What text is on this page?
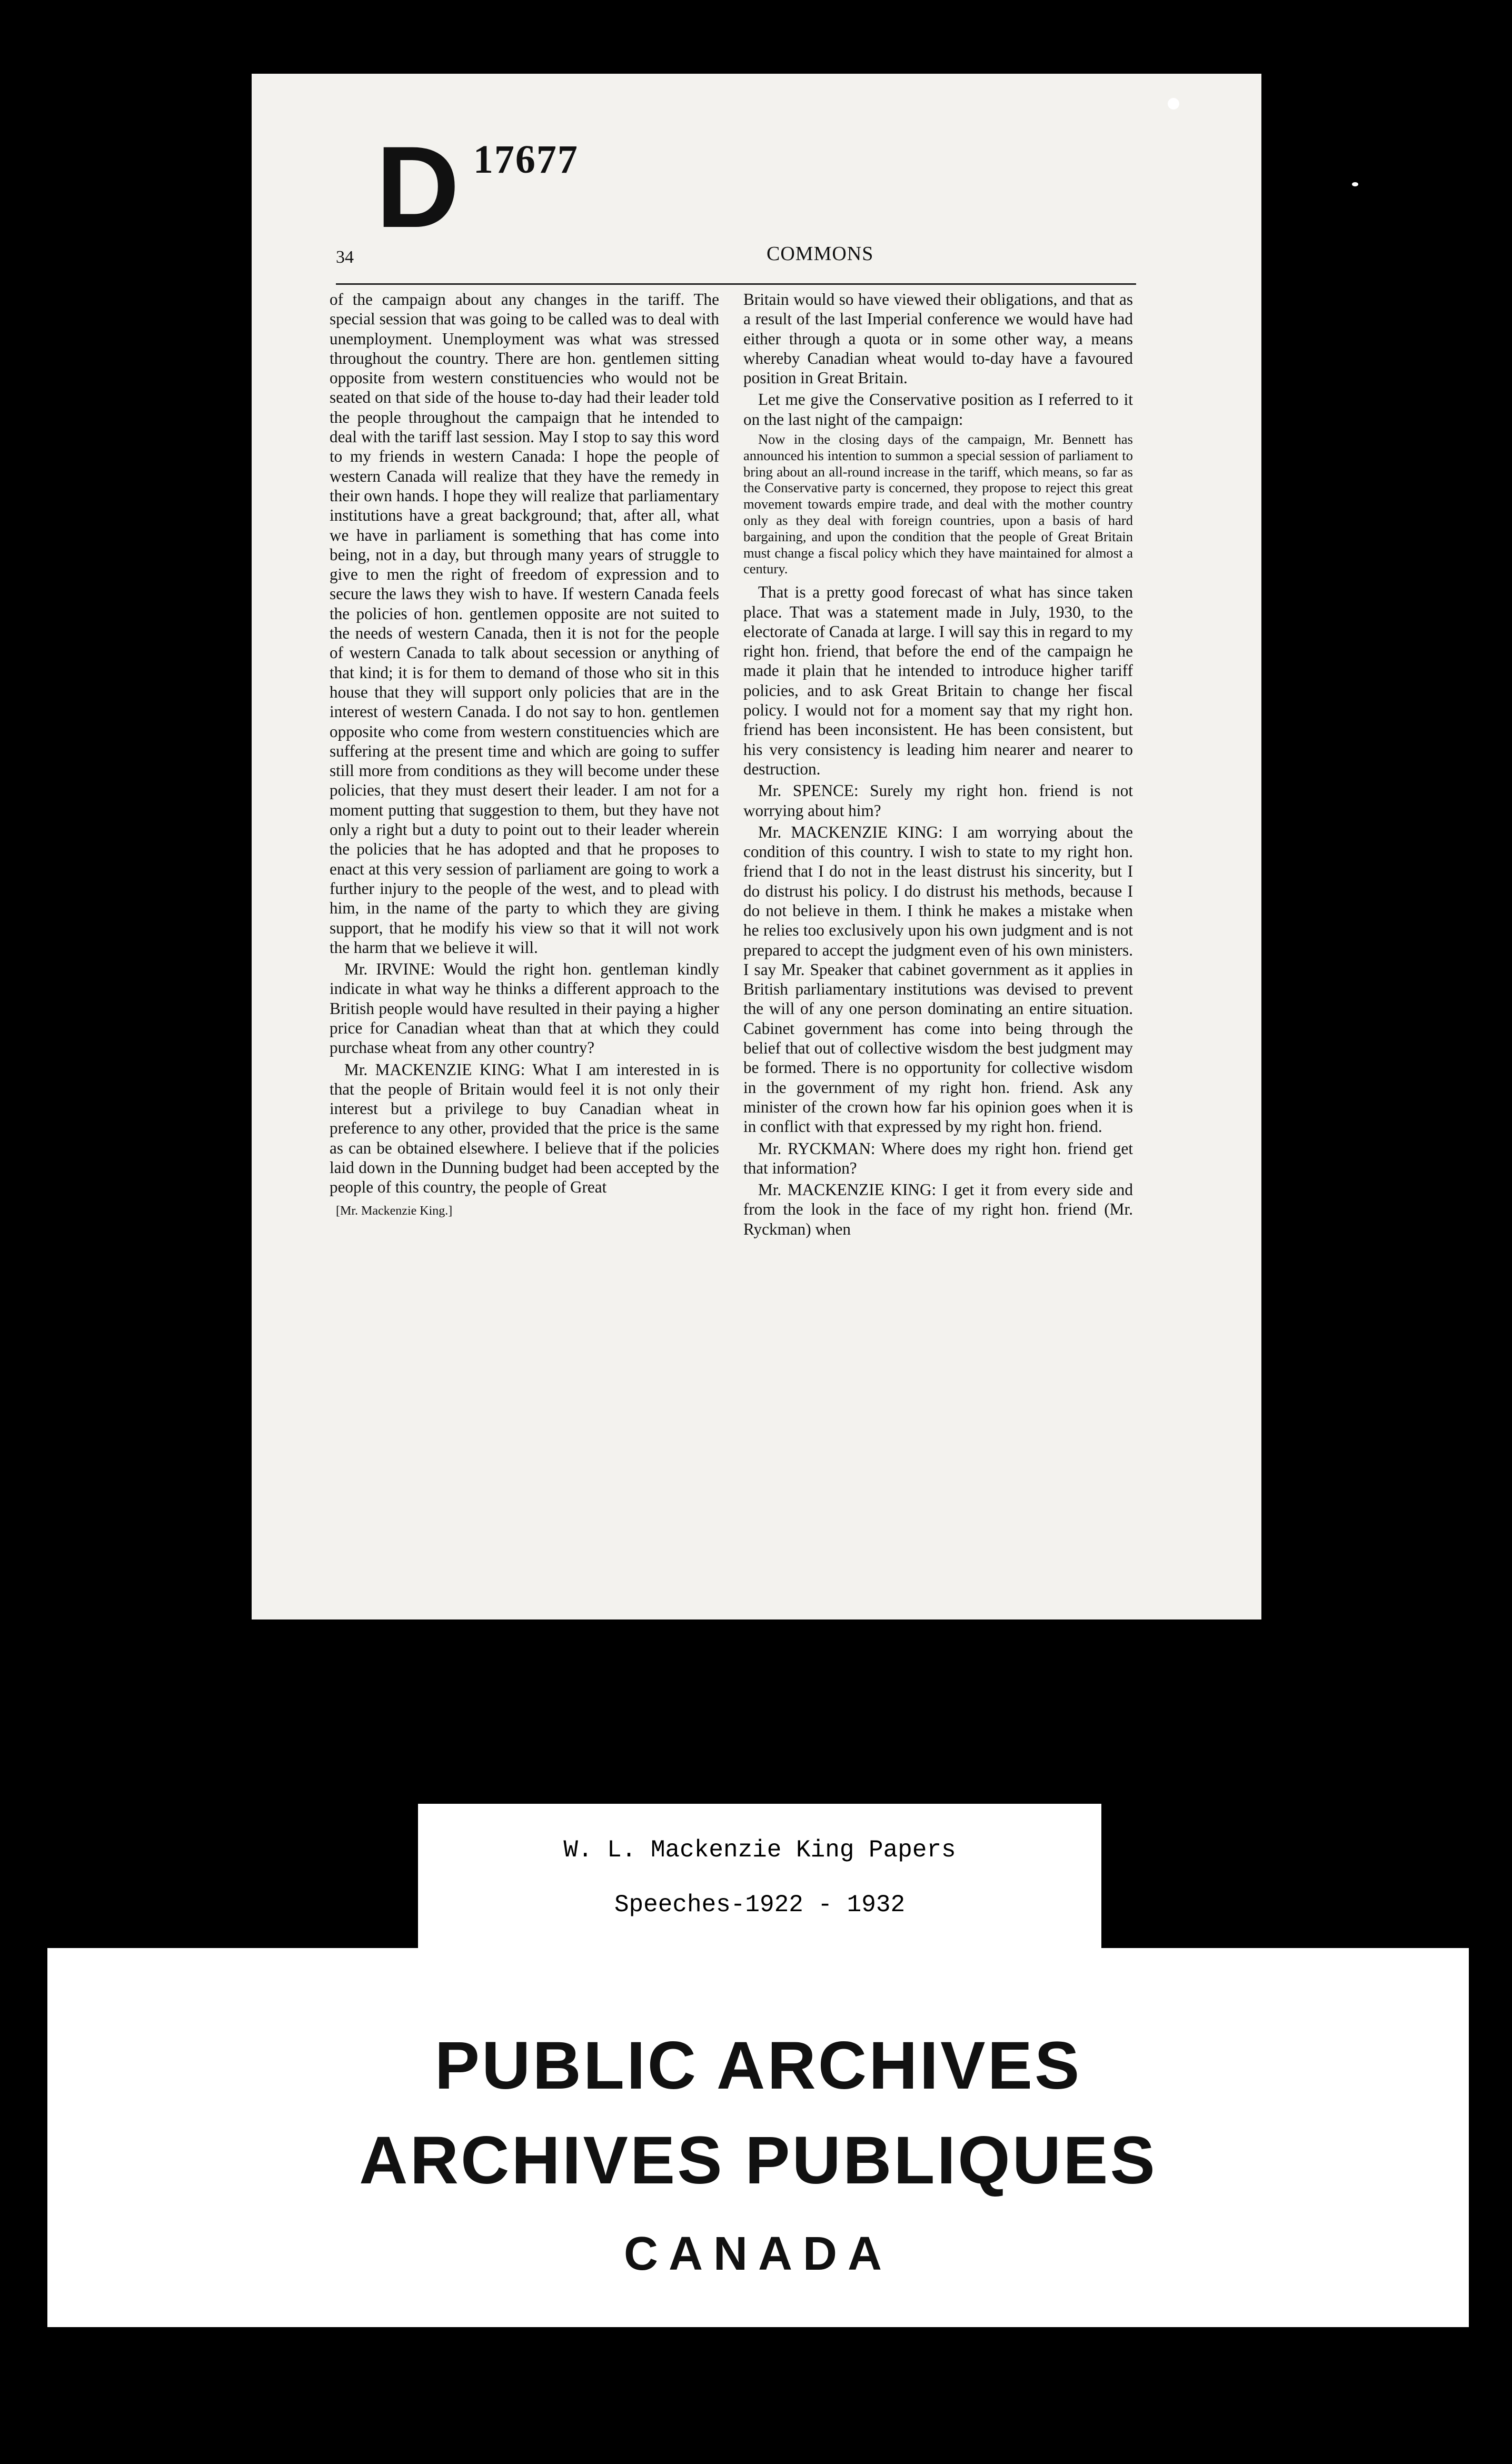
D 17677
34	COMMONS

of the campaign about any changes in the tariff. The special session that was going to be called was to deal with unemployment. Unemployment was what was stressed throughout the country. There are hon. gentlemen sitting opposite from western constituencies who would not be seated on that side of the house to-day had their leader told the people throughout the campaign that he intended to deal with the tariff last session. May I stop to say this word to my friends in western Canada: I hope the people of western Canada will realize that they have the remedy in their own hands. I hope they will realize that parliamentary institutions have a great background; that, after all, what we have in parliament is something that has come into being, not in a day, but through many years of struggle to give to men the right of freedom of expression and to secure the laws they wish to have. If western Canada feels the policies of hon. gentlemen opposite are not suited to the needs of western Canada, then it is not for the people of western Canada to talk about secession or anything of that kind; it is for them to demand of those who sit in this house that they will support only policies that are in the interest of western Canada. I do not say to hon. gentlemen opposite who come from western constituencies which are suffering at the present time and which are going to suffer still more from conditions as they will become under these policies, that they must desert their leader. I am not for a moment putting that suggestion to them, but they have not only a right but a duty to point out to their leader wherein the policies that he has adopted and that he proposes to enact at this very session of parliament are going to work a further injury to the people of the west, and to plead with him, in the name of the party to which they are giving support, that he modify his view so that it will not work the harm that we believe it will.

Mr. IRVINE: Would the right hon. gentleman kindly indicate in what way he thinks a different approach to the British people would have resulted in their paying a higher price for Canadian wheat than that at which they could purchase wheat from any other country?

Mr. MACKENZIE KING: What I am interested in is that the people of Britain would feel it is not only their interest but a privilege to buy Canadian wheat in preference to any other, provided that the price is the same as can be obtained elsewhere. I believe that if the policies laid down in the Dunning budget had been accepted by the people of this country, the people of Great

[Mr. Mackenzie King.]

Britain would so have viewed their obligations, and that as a result of the last Imperial conference we would have had either through a quota or in some other way, a means whereby Canadian wheat would to-day have a favoured position in Great Britain.

Let me give the Conservative position as I referred to it on the last night of the campaign:

Now in the closing days of the campaign, Mr. Bennett has announced his intention to summon a special session of parliament to bring about an all-round increase in the tariff, which means, so far as the Conservative party is concerned, they propose to reject this great movement towards empire trade, and deal with the mother country only as they deal with foreign countries, upon a basis of hard bargaining, and upon the condition that the people of Great Britain must change a fiscal policy which they have maintained for almost a century.

That is a pretty good forecast of what has since taken place. That was a statement made in July, 1930, to the electorate of Canada at large. I will say this in regard to my right hon. friend, that before the end of the campaign he made it plain that he intended to introduce higher tariff policies, and to ask Great Britain to change her fiscal policy. I would not for a moment say that my right hon. friend has been inconsistent. He has been consistent, but his very consistency is leading him nearer and nearer to destruction.

Mr. SPENCE: Surely my right hon. friend is not worrying about him?

Mr. MACKENZIE KING: I am worrying about the condition of this country. I wish to state to my right hon. friend that I do not in the least distrust his sincerity, but I do distrust his policy. I do distrust his methods, because I do not believe in them. I think he makes a mistake when he relies too exclusively upon his own judgment and is not prepared to accept the judgment even of his own ministers. I say Mr. Speaker that cabinet government as it applies in British parliamentary institutions was devised to prevent the will of any one person dominating an entire situation. Cabinet government has come into being through the belief that out of collective wisdom the best judgment may be formed. There is no opportunity for collective wisdom in the government of my right hon. friend. Ask any minister of the crown how far his opinion goes when it is in conflict with that expressed by my right hon. friend.

Mr. RYCKMAN: Where does my right hon. friend get that information?

Mr. MACKENZIE KING: I get it from every side and from the look in the face of my right hon. friend (Mr. Ryckman) when

W. L. Mackenzie King Papers
Speeches-1922 - 1932
PUBLIC ARCHIVES
ARCHIVES PUBLIQUES
CANADA
